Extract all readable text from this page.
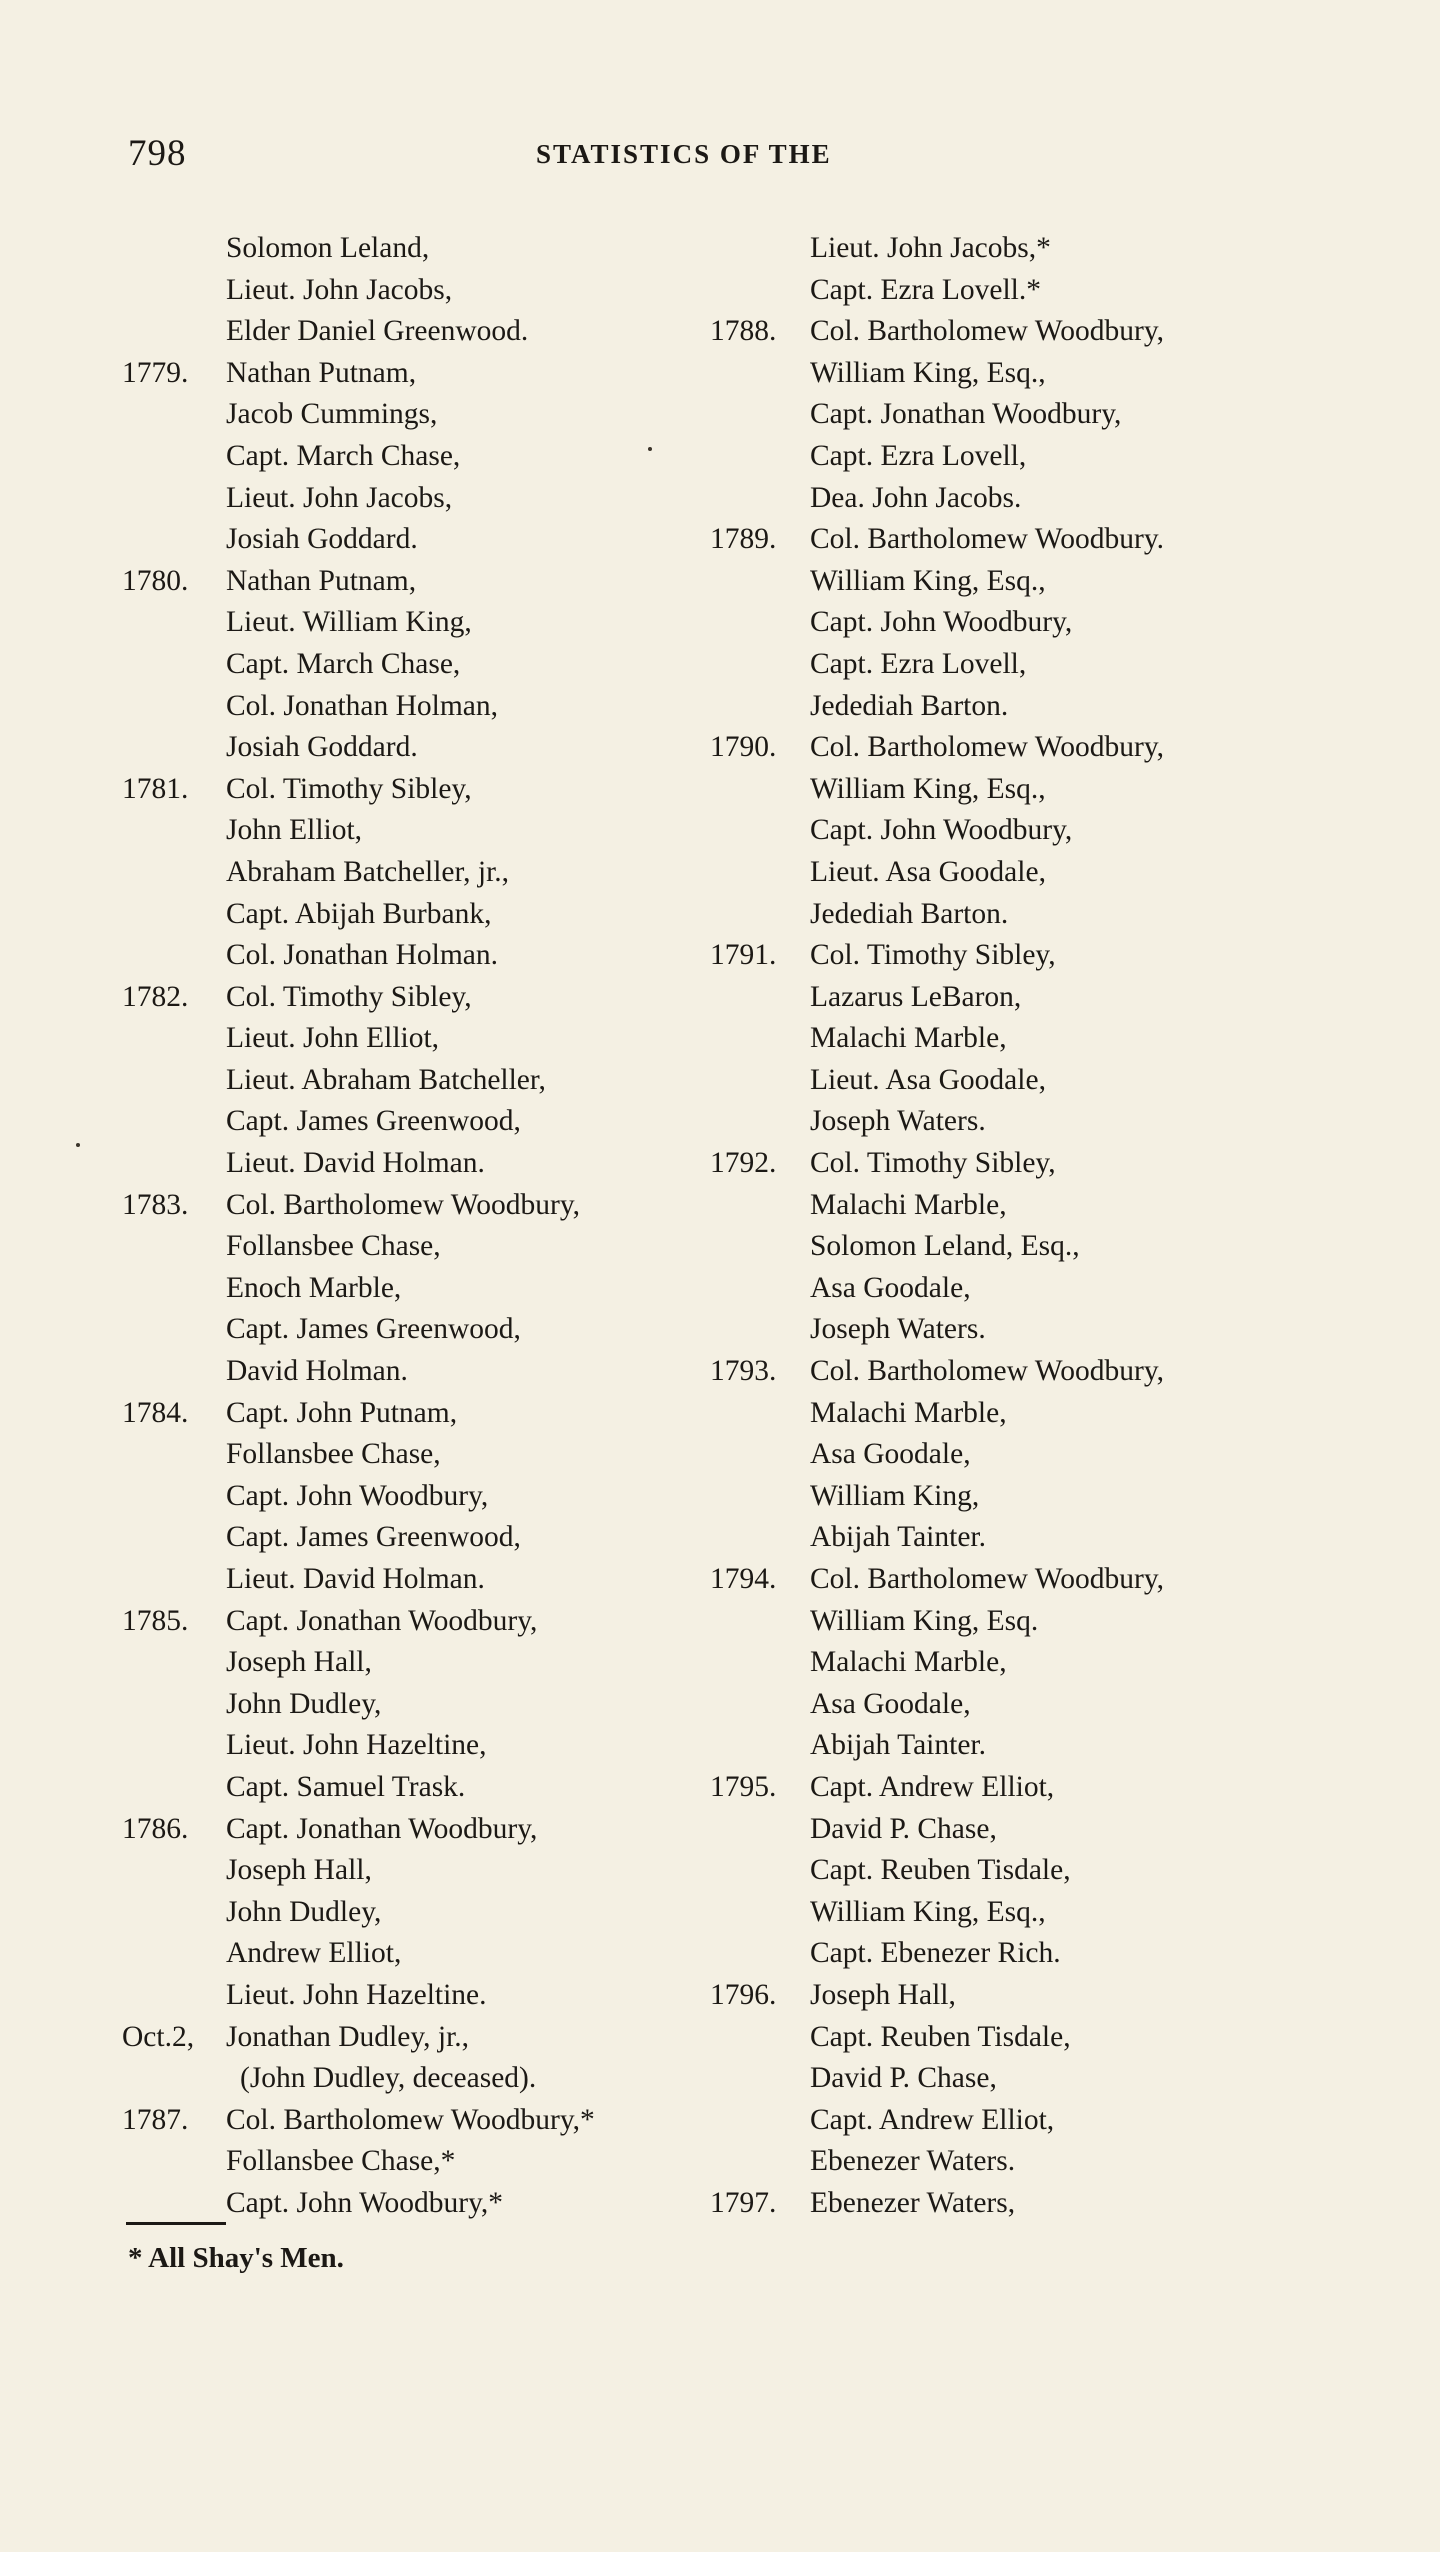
798	STATISTICS OF THE
Solomon Leland,
Lieut. John Jacobs,
Elder Daniel Greenwood.
1779. Nathan Putnam,
Jacob Cummings,
Capt. March Chase,
Lieut. John Jacobs,
Josiah Goddard.
1780. Nathan Putnam,
Lieut. William King,
Capt. March Chase,
Col. Jonathan Holman,
Josiah Goddard.
1781. Col. Timothy Sibley,
John Elliot,
Abraham Batcheller, jr.,
Capt. Abijah Burbank,
Col. Jonathan Holman.
1782. Col. Timothy Sibley,
Lieut. John Elliot,
Lieut. Abraham Batcheller,
Capt. James Greenwood,
Lieut. David Holman.
1783. Col. Bartholomew Woodbury,
Follansbee Chase,
Enoch Marble,
Capt. James Greenwood,
David Holman.
1784. Capt. John Putnam,
Follansbee Chase,
Capt. John Woodbury,
Capt. James Greenwood,
Lieut. David Holman.
1785. Capt. Jonathan Woodbury,
Joseph Hall,
John Dudley,
Lieut. John Hazeltine,
Capt. Samuel Trask.
1786. Capt. Jonathan Woodbury,
Joseph Hall,
John Dudley,
Andrew Elliot,
Lieut. John Hazeltine.
Oct.2, Jonathan Dudley, jr.,
(John Dudley, deceased).
1787. Col. Bartholomew Woodbury,*
Follansbee Chase,*
Capt. John Woodbury,*
Lieut. John Jacobs,*
Capt. Ezra Lovell.*
1788. Col. Bartholomew Woodbury,
William King, Esq.,
Capt. Jonathan Woodbury,
Capt. Ezra Lovell,
Dea. John Jacobs.
1789. Col. Bartholomew Woodbury.
William King, Esq.,
Capt. John Woodbury,
Capt. Ezra Lovell,
Jedediah Barton.
1790. Col. Bartholomew Woodbury,
William King, Esq.,
Capt. John Woodbury,
Lieut. Asa Goodale,
Jedediah Barton.
1791. Col. Timothy Sibley,
Lazarus LeBaron,
Malachi Marble,
Lieut. Asa Goodale,
Joseph Waters.
1792. Col. Timothy Sibley,
Malachi Marble,
Solomon Leland, Esq.,
Asa Goodale,
Joseph Waters.
1793. Col. Bartholomew Woodbury,
Malachi Marble,
Asa Goodale,
William King,
Abijah Tainter.
1794. Col. Bartholomew Woodbury,
William King, Esq.
Malachi Marble,
Asa Goodale,
Abijah Tainter.
1795. Capt. Andrew Elliot,
David P. Chase,
Capt. Reuben Tisdale,
William King, Esq.,
Capt. Ebenezer Rich.
1796. Joseph Hall,
Capt. Reuben Tisdale,
David P. Chase,
Capt. Andrew Elliot,
Ebenezer Waters.
1797. Ebenezer Waters,
* All Shay's Men.
